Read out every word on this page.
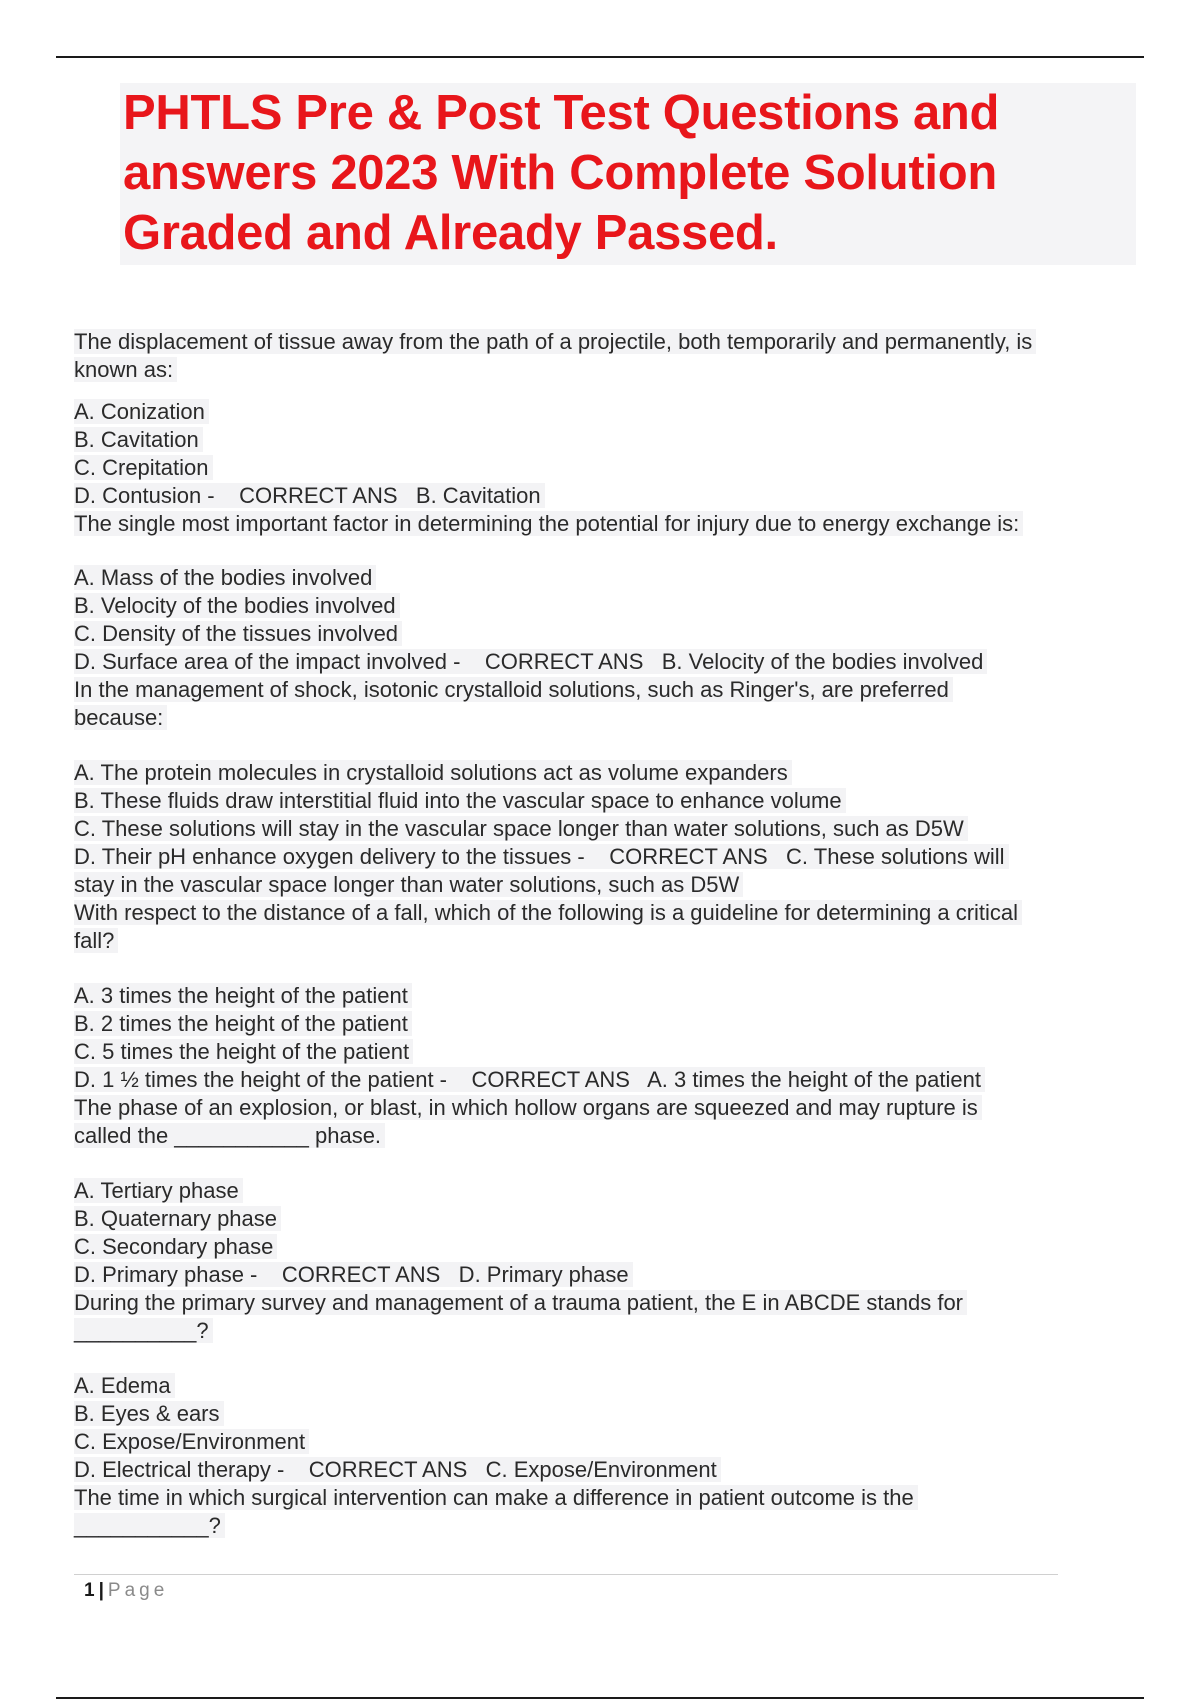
PHTLS Pre & Post Test Questions and
answers 2023 With Complete Solution
Graded and Already Passed.
The displacement of tissue away from the path of a projectile, both temporarily and permanently, is
known as:
A. Conization
B. Cavitation
C. Crepitation
D. Contusion -    CORRECT ANS   B. Cavitation
The single most important factor in determining the potential for injury due to energy exchange is:
A. Mass of the bodies involved
B. Velocity of the bodies involved
C. Density of the tissues involved
D. Surface area of the impact involved -    CORRECT ANS   B. Velocity of the bodies involved
In the management of shock, isotonic crystalloid solutions, such as Ringer's, are preferred
because:
A. The protein molecules in crystalloid solutions act as volume expanders
B. These fluids draw interstitial fluid into the vascular space to enhance volume
C. These solutions will stay in the vascular space longer than water solutions, such as D5W
D. Their pH enhance oxygen delivery to the tissues -    CORRECT ANS   C. These solutions will
stay in the vascular space longer than water solutions, such as D5W
With respect to the distance of a fall, which of the following is a guideline for determining a critical
fall?
A. 3 times the height of the patient
B. 2 times the height of the patient
C. 5 times the height of the patient
D. 1 ½ times the height of the patient -    CORRECT ANS   A. 3 times the height of the patient
The phase of an explosion, or blast, in which hollow organs are squeezed and may rupture is
called the ___________ phase.
A. Tertiary phase
B. Quaternary phase
C. Secondary phase
D. Primary phase -    CORRECT ANS   D. Primary phase
During the primary survey and management of a trauma patient, the E in ABCDE stands for
__________?
A. Edema
B. Eyes & ears
C. Expose/Environment
D. Electrical therapy -    CORRECT ANS   C. Expose/Environment
The time in which surgical intervention can make a difference in patient outcome is the
___________?
1 | Page
